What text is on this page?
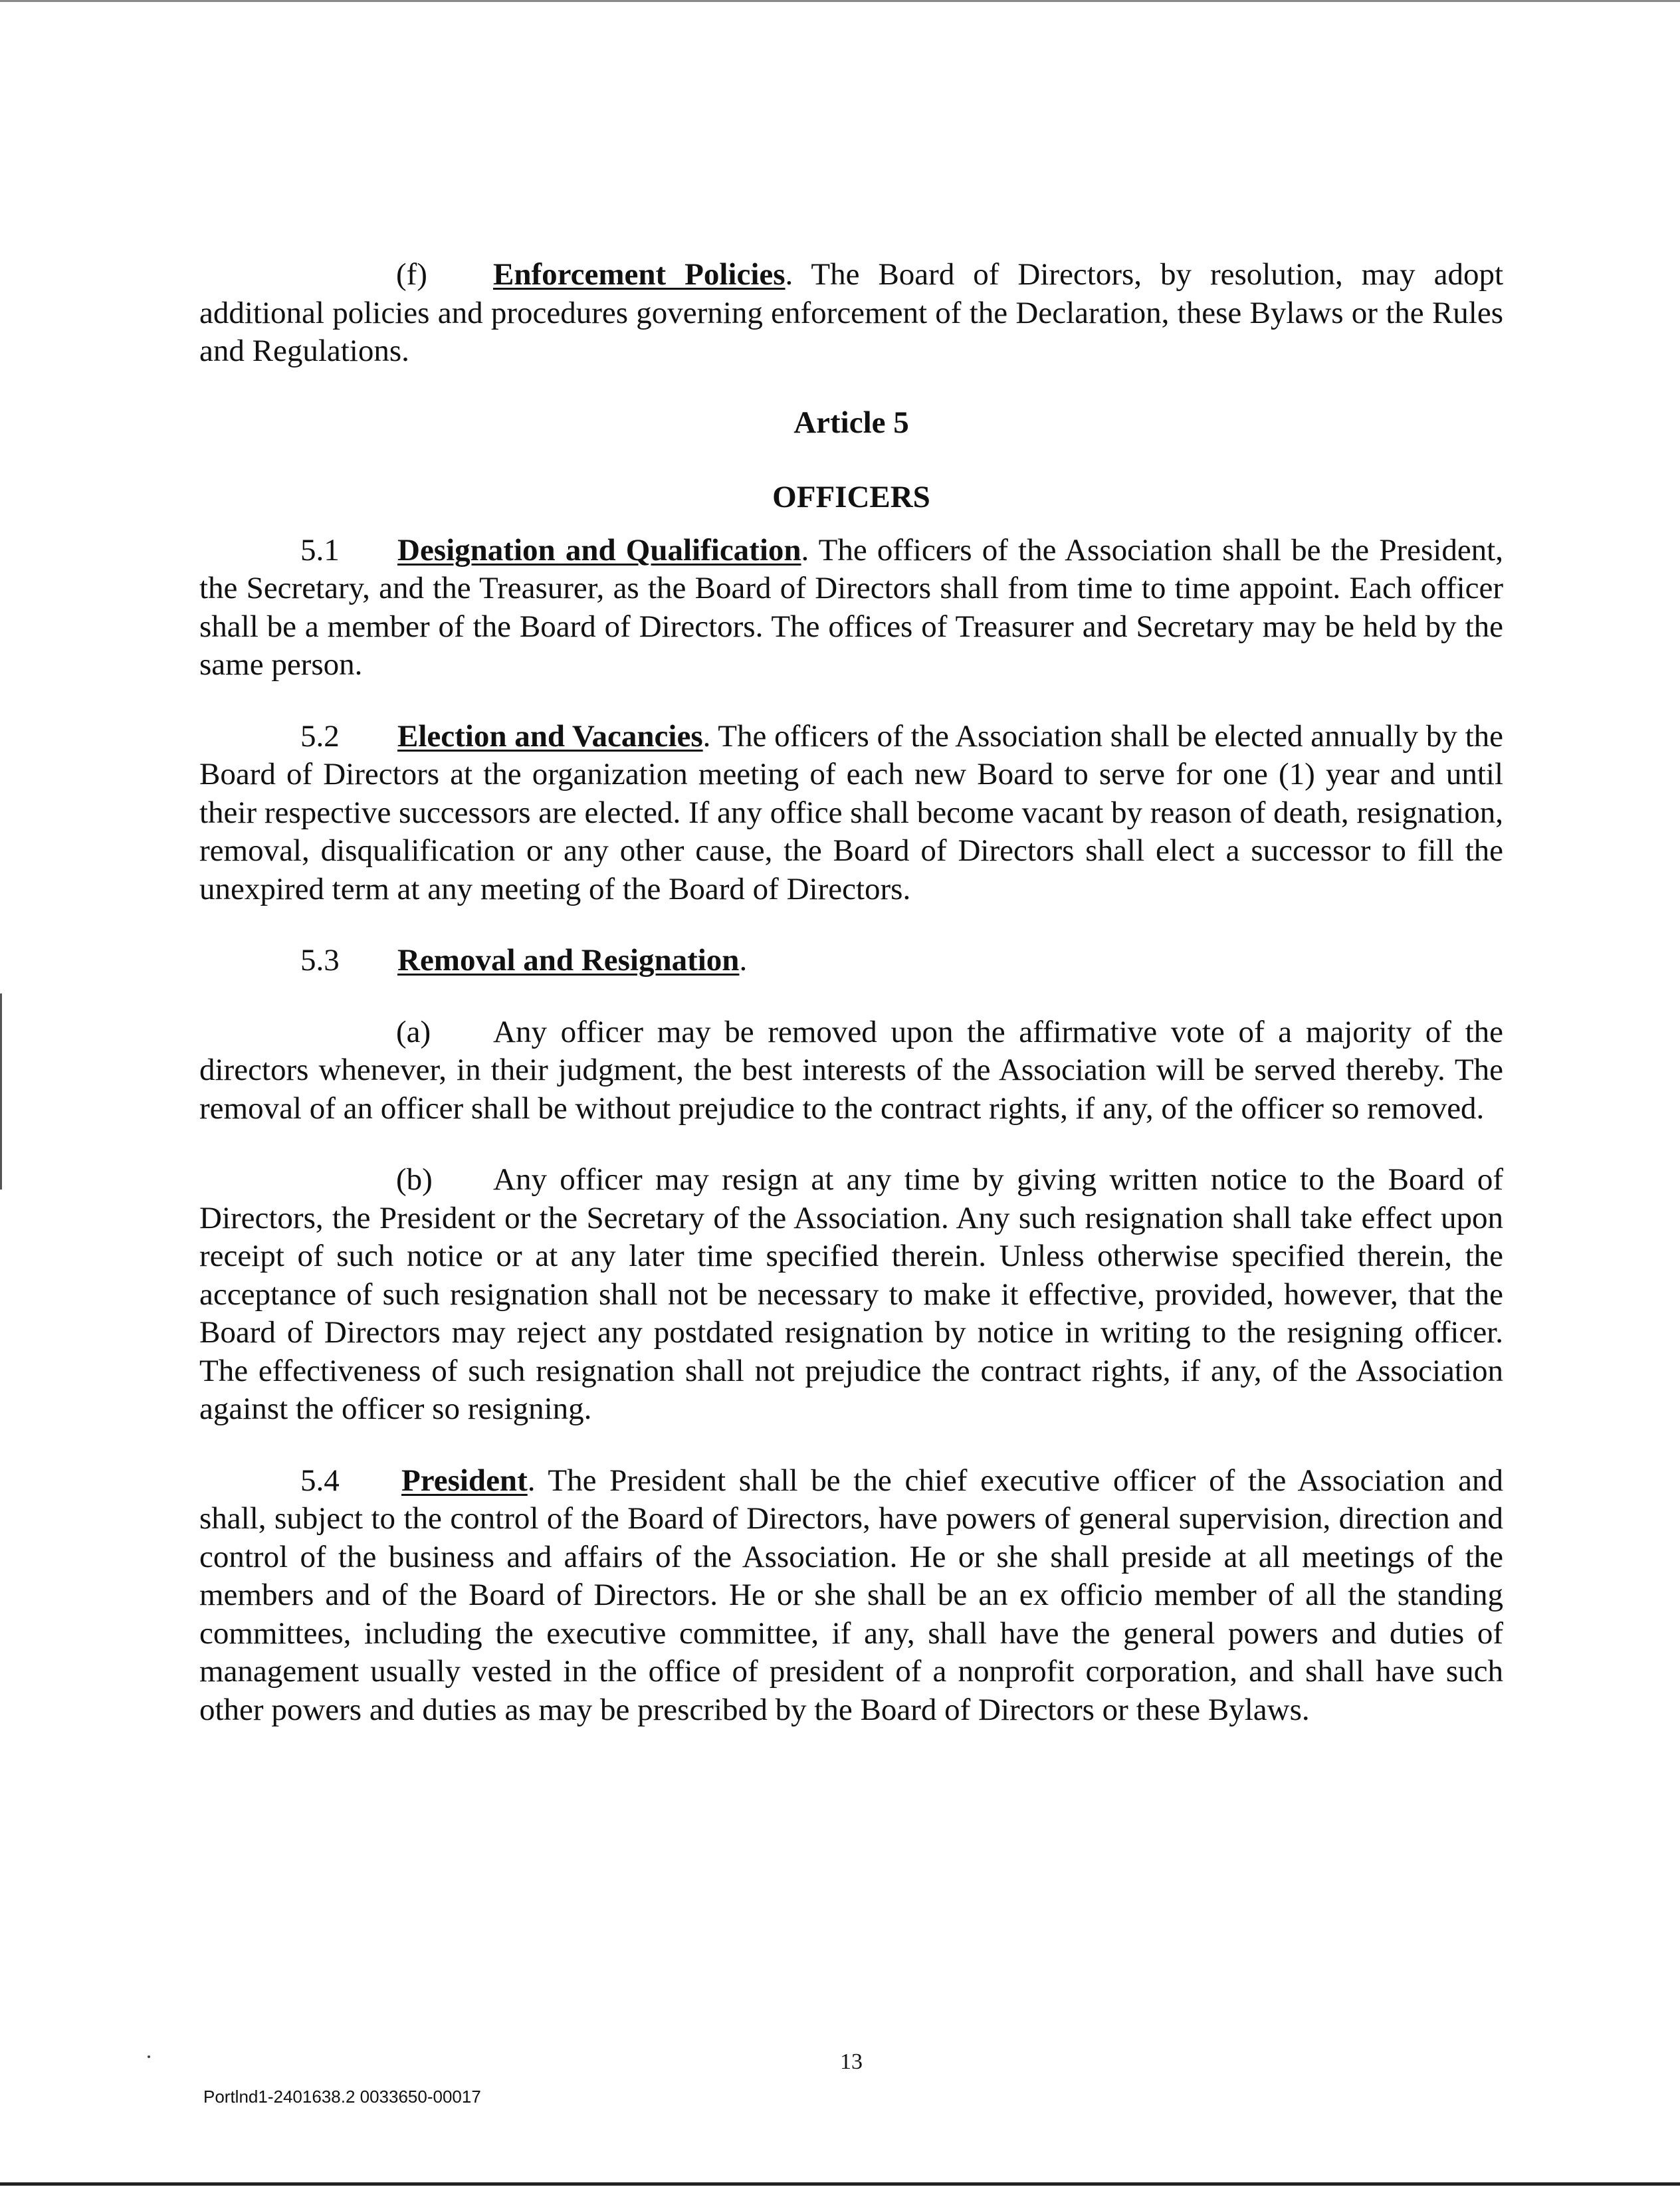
(f) Enforcement Policies. The Board of Directors, by resolution, may adopt additional policies and procedures governing enforcement of the Declaration, these Bylaws or the Rules and Regulations.

Article 5

OFFICERS

5.1 Designation and Qualification. The officers of the Association shall be the President, the Secretary, and the Treasurer, as the Board of Directors shall from time to time appoint. Each officer shall be a member of the Board of Directors. The offices of Treasurer and Secretary may be held by the same person.

5.2 Election and Vacancies. The officers of the Association shall be elected annually by the Board of Directors at the organization meeting of each new Board to serve for one (1) year and until their respective successors are elected. If any office shall become vacant by reason of death, resignation, removal, disqualification or any other cause, the Board of Directors shall elect a successor to fill the unexpired term at any meeting of the Board of Directors.

5.3 Removal and Resignation.

(a) Any officer may be removed upon the affirmative vote of a majority of the directors whenever, in their judgment, the best interests of the Association will be served thereby. The removal of an officer shall be without prejudice to the contract rights, if any, of the officer so removed.

(b) Any officer may resign at any time by giving written notice to the Board of Directors, the President or the Secretary of the Association. Any such resignation shall take effect upon receipt of such notice or at any later time specified therein. Unless otherwise specified therein, the acceptance of such resignation shall not be necessary to make it effective, provided, however, that the Board of Directors may reject any postdated resignation by notice in writing to the resigning officer. The effectiveness of such resignation shall not prejudice the contract rights, if any, of the Association against the officer so resigning.

5.4 President. The President shall be the chief executive officer of the Association and shall, subject to the control of the Board of Directors, have powers of general supervision, direction and control of the business and affairs of the Association. He or she shall preside at all meetings of the members and of the Board of Directors. He or she shall be an ex officio member of all the standing committees, including the executive committee, if any, shall have the general powers and duties of management usually vested in the office of president of a nonprofit corporation, and shall have such other powers and duties as may be prescribed by the Board of Directors or these Bylaws.

13
Portlnd1-2401638.2 0033650-00017
